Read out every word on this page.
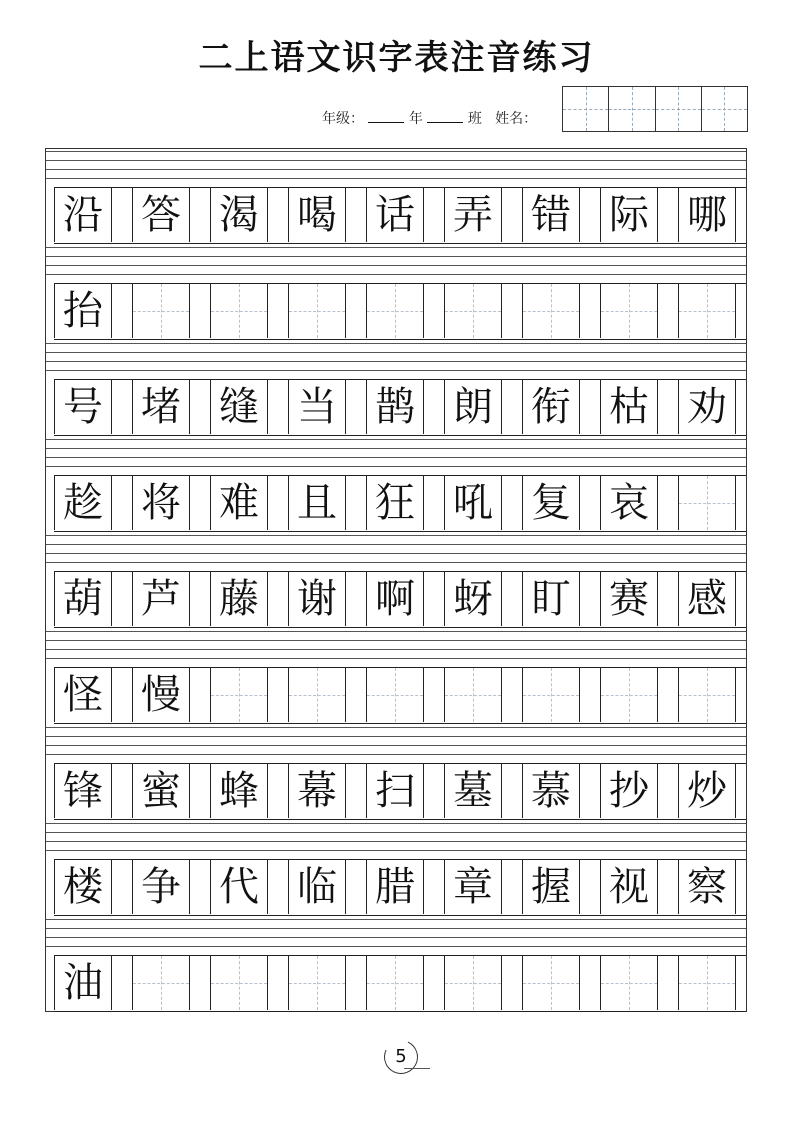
二上语文识字表注音练习
年级：	年	班 姓名：
沿 答 渴 喝 话 弄 错 际 哪
抬
号 堵 缝 当 鹊 朗 衔 枯 劝
趁 将 难 且 狂 吼 复 哀
葫 芦 藤 谢 啊 蚜 盯 赛 感
怪 慢
锋 蜜 蜂 幕 扫 墓 慕 抄 炒
楼 争 代 临 腊 章 握 视 察
油
5
